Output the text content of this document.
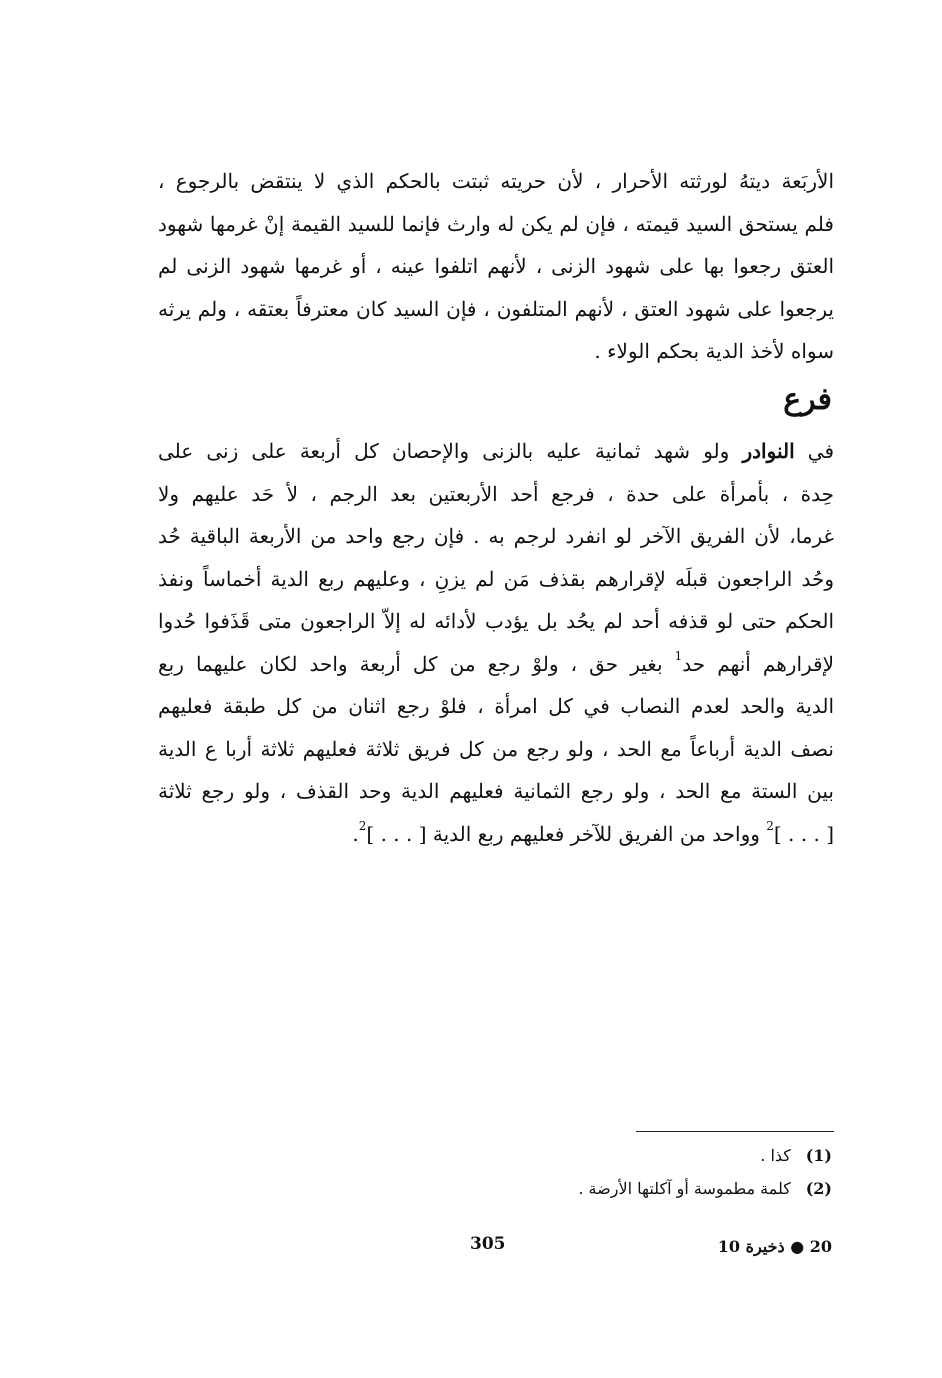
الأربَعة ديتهُ لورثته الأحرار ، لأن حريته ثبتت بالحكم الذي لا ينتقض بالرجوع ،
فلم يستحق السيد قيمته ، فإن لم يكن له وارث فإنما للسيد القيمة إنْ غرمها شهود
العتق رجعوا بها على شهود الزنى ، لأنهم اتلفوا عينه ، أو غرمها شهود الزنى لم
يرجعوا على شهود العتق ، لأنهم المتلفون ، فإن السيد كان معترفاً بعتقه ، ولم يرثه
سواه لأخذ الدية بحكم الولاء .
فرع
في النوادر ولو شهد ثمانية عليه بالزنى والإحصان كل أربعة على زنى على
حِدة ، بأمرأة على حدة ، فرجع أحد الأربعتين بعد الرجم ، لأ حَد عليهم ولا
غرما، لأن الفريق الآخر لو انفرد لرجم به . فإن رجع واحد من الأربعة الباقية حُد
وحُد الراجعون قبلَه لإقرارهم بقذف مَن لم يزنِ ، وعليهم ربع الدية أخماساً ونفذ
الحكم حتى لو قذفه أحد لم يحُد بل يؤدب لأدائه له إلاّ الراجعون متى قَذَفوا حُدوا
لإقرارهم أنهم حد$^1$ بغير حق ، ولوْ رجع من كل أربعة واحد لكان عليهما ربع
الدية والحد لعدم النصاب في كل امرأة ، فلوْ رجع اثنان من كل طبقة فعليهم
نصف الدية أرباعاً مع الحد ، ولو رجع من كل فريق ثلاثة فعليهم ثلاثة أربا ع الدية
بين الستة مع الحد ، ولو رجع الثمانية فعليهم الدية وحد القذف ، ولو رجع ثلاثة
[ . . . ]$^2$ وواحد من الفريق للآخر فعليهم ربع الدية [ . . . ]$^2$.
(1) كذا .
(2) كلمة مطموسة أو آكلتها الأرضة .
305	20 ● ذخيرة 10
